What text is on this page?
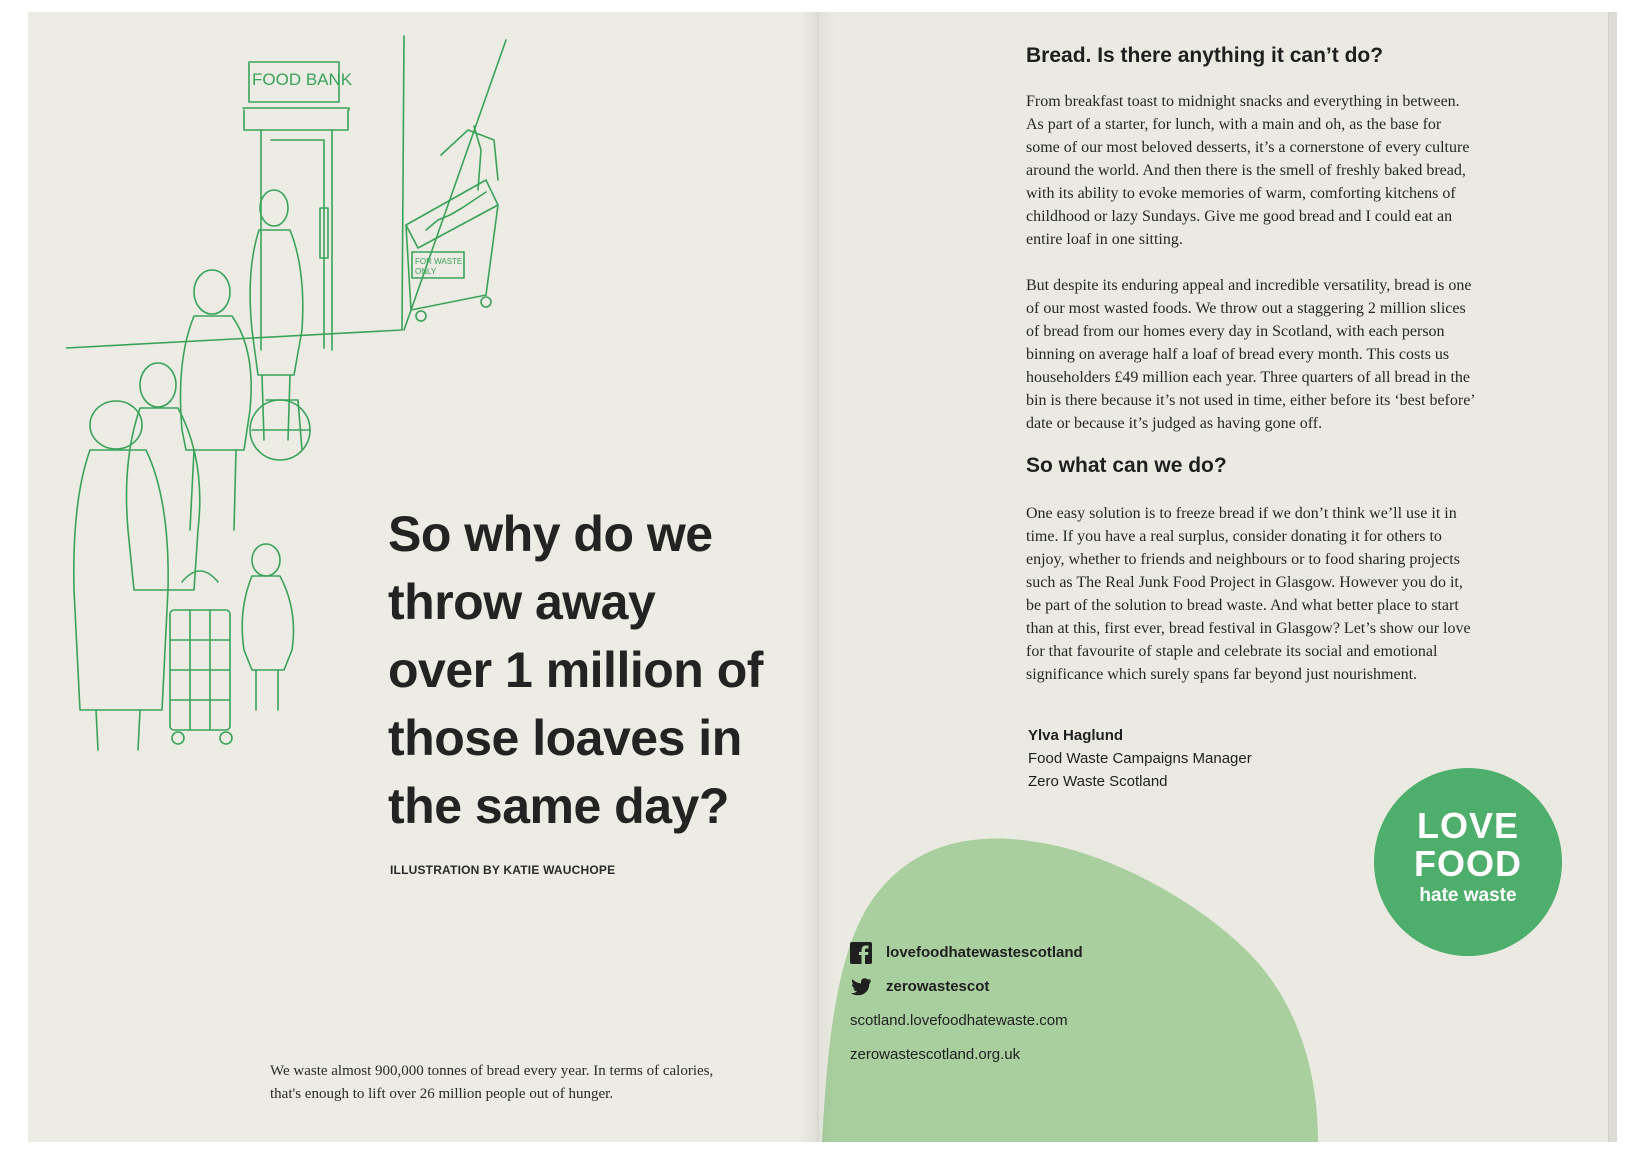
FOR WASTE
ONLY
FOOD BANK
So why do we
throw away
over 1 million of
those loaves in
the same day?
ILLUSTRATION BY KATIE WAUCHOPE
We waste almost 900,000 tonnes of bread every year. In terms of calories,
that's enough to lift over 26 million people out of hunger.
Bread. Is there anything it can’t do?
From breakfast toast to midnight snacks and everything in between.
As part of a starter, for lunch, with a main and oh, as the base for
some of our most beloved desserts, it’s a cornerstone of every culture
around the world. And then there is the smell of freshly baked bread,
with its ability to evoke memories of warm, comforting kitchens of
childhood or lazy Sundays. Give me good bread and I could eat an
entire loaf in one sitting.
But despite its enduring appeal and incredible versatility, bread is one
of our most wasted foods. We throw out a staggering 2 million slices
of bread from our homes every day in Scotland, with each person
binning on average half a loaf of bread every month. This costs us
householders £49 million each year. Three quarters of all bread in the
bin is there because it’s not used in time, either before its ‘best before’
date or because it’s judged as having gone off.
So what can we do?
One easy solution is to freeze bread if we don’t think we’ll use it in
time. If you have a real surplus, consider donating it for others to
enjoy, whether to friends and neighbours or to food sharing projects
such as The Real Junk Food Project in Glasgow. However you do it,
be part of the solution to bread waste. And what better place to start
than at this, first ever, bread festival in Glasgow? Let’s show our love
for that favourite of staple and celebrate its social and emotional
significance which surely spans far beyond just nourishment.
Ylva Haglund
Food Waste Campaigns Manager
Zero Waste Scotland
LOVE
FOOD
hate waste
lovefoodhatewastescotland
zerowastescot
scotland.lovefoodhatewaste.com
zerowastescotland.org.uk
